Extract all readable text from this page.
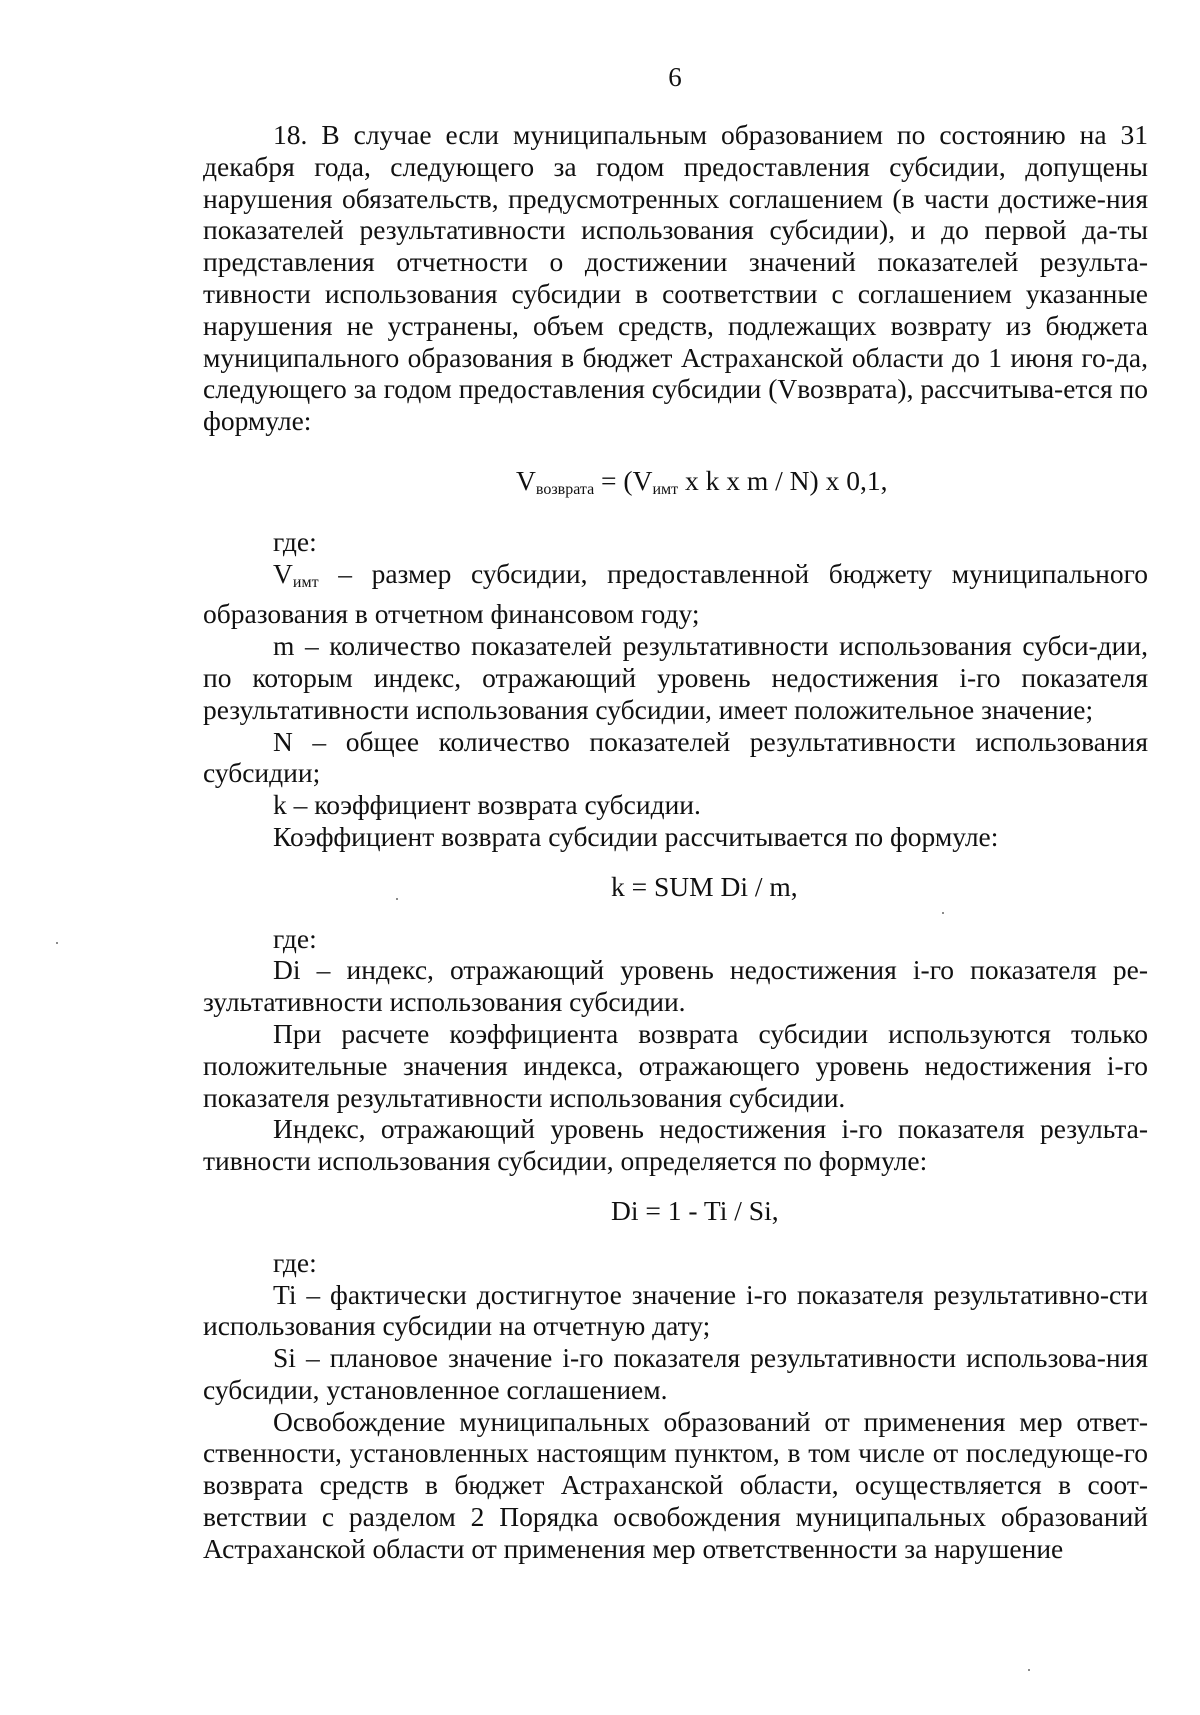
6

18. В случае если муниципальным образованием по состоянию на 31 декабря года, следующего за годом предоставления субсидии, допущены нарушения обязательств, предусмотренных соглашением (в части достиже-ния показателей результативности использования субсидии), и до первой да-ты представления отчетности о достижении значений показателей результа-тивности использования субсидии в соответствии с соглашением указанные нарушения не устранены, объем средств, подлежащих возврату из бюджета муниципального образования в бюджет Астраханской области до 1 июня го-да, следующего за годом предоставления субсидии (Vвозврата), рассчитыва-ется по формуле:

$V_{возврата} = (V_{имт}$ x k x m / N) x 0,1,

где:

Vимт – размер субсидии, предоставленной бюджету муниципального образования в отчетном финансовом году;

m – количество показателей результативности использования субси-дии, по которым индекс, отражающий уровень недостижения i-го показателя результативности использования субсидии, имеет положительное значение;

N – общее количество показателей результативности использования субсидии;

k – коэффициент возврата субсидии.

Коэффициент возврата субсидии рассчитывается по формуле:

k = SUM Di / m,

где:

Di – индекс, отражающий уровень недостижения i-го показателя ре-зультативности использования субсидии.

При расчете коэффициента возврата субсидии используются только положительные значения индекса, отражающего уровень недостижения i-го показателя результативности использования субсидии.

Индекс, отражающий уровень недостижения i-го показателя результа-тивности использования субсидии, определяется по формуле:

Di = 1 - Ti / Si,

где:

Ti – фактически достигнутое значение i-го показателя результативно-сти использования субсидии на отчетную дату;

Si – плановое значение i-го показателя результативности использова-ния субсидии, установленное соглашением.

Освобождение муниципальных образований от применения мер ответ-ственности, установленных настоящим пунктом, в том числе от последующе-го возврата средств в бюджет Астраханской области, осуществляется в соот-ветствии с разделом 2 Порядка освобождения муниципальных образований Астраханской области от применения мер ответственности за нарушение
